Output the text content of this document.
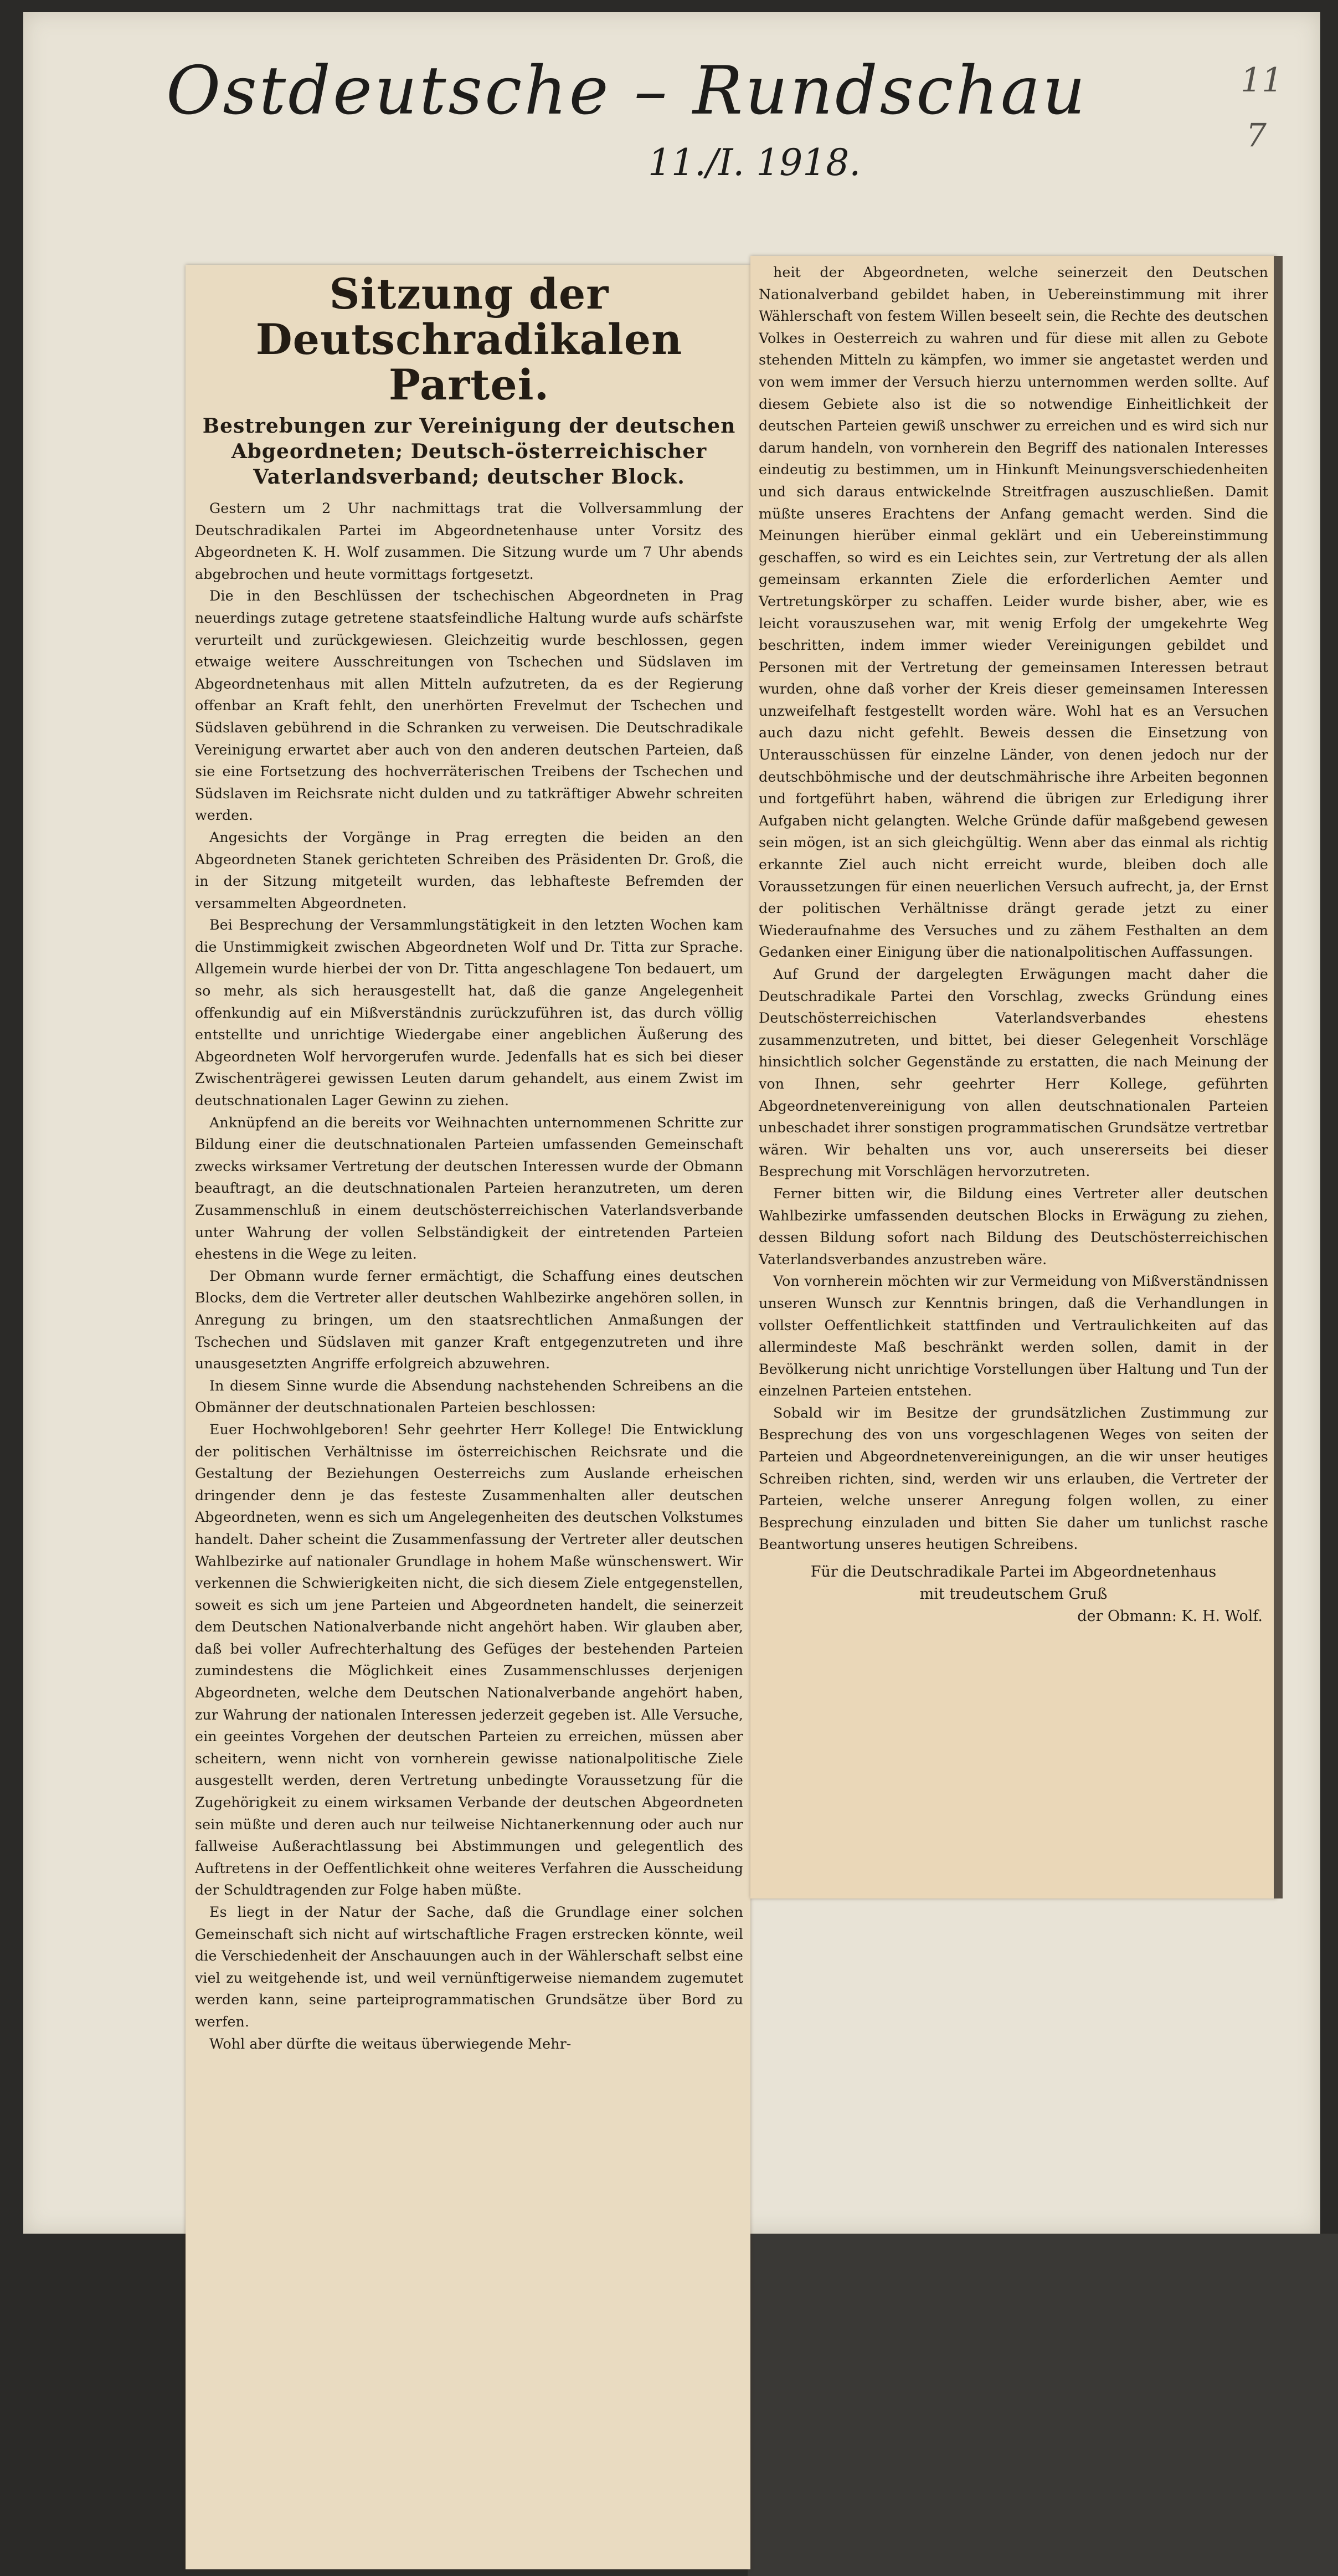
Ostdeutsche – Rundschau
11./I. 1918.
11
7
Sitzung der Deutschradikalen Partei.
Bestrebungen zur Vereinigung der deutschen Abgeordneten; Deutsch-österreichischer Vaterlandsverband; deutscher Block.

Gestern um 2 Uhr nachmittags trat die Vollversammlung der Deutschradikalen Partei im Abgeordnetenhause unter Vorsitz des Abgeordneten K. H. Wolf zusammen. Die Sitzung wurde um 7 Uhr abends abgebrochen und heute vormittags fortgesetzt.

Die in den Beschlüssen der tschechischen Abgeordneten in Prag neuerdings zutage getretene staatsfeindliche Haltung wurde aufs schärfste verurteilt und zurückgewiesen. Gleichzeitig wurde beschlossen, gegen etwaige weitere Ausschreitungen von Tschechen und Südslaven im Abgeordnetenhaus mit allen Mitteln aufzutreten, da es der Regierung offenbar an Kraft fehlt, den unerhörten Frevelmut der Tschechen und Südslaven gebührend in die Schranken zu verweisen. Die Deutschradikale Vereinigung erwartet aber auch von den anderen deutschen Parteien, daß sie eine Fortsetzung des hochverräterischen Treibens der Tschechen und Südslaven im Reichsrate nicht dulden und zu tatkräftiger Abwehr schreiten werden.

Angesichts der Vorgänge in Prag erregten die beiden an den Abgeordneten Stanek gerichteten Schreiben des Präsidenten Dr. Groß, die in der Sitzung mitgeteilt wurden, das lebhafteste Befremden der versammelten Abgeordneten.

Bei Besprechung der Versammlungstätigkeit in den letzten Wochen kam die Unstimmigkeit zwischen Abgeordneten Wolf und Dr. Titta zur Sprache. Allgemein wurde hierbei der von Dr. Titta angeschlagene Ton bedauert, um so mehr, als sich herausgestellt hat, daß die ganze Angelegenheit offenkundig auf ein Mißverständnis zurückzuführen ist, das durch völlig entstellte und unrichtige Wiedergabe einer angeblichen Äußerung des Abgeordneten Wolf hervorgerufen wurde. Jedenfalls hat es sich bei dieser Zwischenträgerei gewissen Leuten darum gehandelt, aus einem Zwist im deutschnationalen Lager Gewinn zu ziehen.

Anknüpfend an die bereits vor Weihnachten unternommenen Schritte zur Bildung einer die deutschnationalen Parteien umfassenden Gemeinschaft zwecks wirksamer Vertretung der deutschen Interessen wurde der Obmann beauftragt, an die deutschnationalen Parteien heranzutreten, um deren Zusammenschluß in einem deutschösterreichischen Vaterlandsverbande unter Wahrung der vollen Selbständigkeit der eintretenden Parteien ehestens in die Wege zu leiten.

Der Obmann wurde ferner ermächtigt, die Schaffung eines deutschen Blocks, dem die Vertreter aller deutschen Wahlbezirke angehören sollen, in Anregung zu bringen, um den staatsrechtlichen Anmaßungen der Tschechen und Südslaven mit ganzer Kraft entgegenzutreten und ihre unausgesetzten Angriffe erfolgreich abzuwehren.

In diesem Sinne wurde die Absendung nachstehenden Schreibens an die Obmänner der deutschnationalen Parteien beschlossen:

Euer Hochwohlgeboren! Sehr geehrter Herr Kollege! Die Entwicklung der politischen Verhältnisse im österreichischen Reichsrate und die Gestaltung der Beziehungen Oesterreichs zum Auslande erheischen dringender denn je das festeste Zusammenhalten aller deutschen Abgeordneten, wenn es sich um Angelegenheiten des deutschen Volkstumes handelt. Daher scheint die Zusammenfassung der Vertreter aller deutschen Wahlbezirke auf nationaler Grundlage in hohem Maße wünschenswert. Wir verkennen die Schwierigkeiten nicht, die sich diesem Ziele entgegenstellen, soweit es sich um jene Parteien und Abgeordneten handelt, die seinerzeit dem Deutschen Nationalverbande nicht angehört haben. Wir glauben aber, daß bei voller Aufrechterhaltung des Gefüges der bestehenden Parteien zumindestens die Möglichkeit eines Zusammenschlusses derjenigen Abgeordneten, welche dem Deutschen Nationalverbande angehört haben, zur Wahrung der nationalen Interessen jederzeit gegeben ist. Alle Versuche, ein geeintes Vorgehen der deutschen Parteien zu erreichen, müssen aber scheitern, wenn nicht von vornherein gewisse nationalpolitische Ziele ausgestellt werden, deren Vertretung unbedingte Voraussetzung für die Zugehörigkeit zu einem wirksamen Verbande der deutschen Abgeordneten sein müßte und deren auch nur teilweise Nichtanerkennung oder auch nur fallweise Außerachtlassung bei Abstimmungen und gelegentlich des Auftretens in der Oeffentlichkeit ohne weiteres Verfahren die Ausscheidung der Schuldtragenden zur Folge haben müßte.

Es liegt in der Natur der Sache, daß die Grundlage einer solchen Gemeinschaft sich nicht auf wirtschaftliche Fragen erstrecken könnte, weil die Verschiedenheit der Anschauungen auch in der Wählerschaft selbst eine viel zu weitgehende ist, und weil vernünftigerweise niemandem zugemutet werden kann, seine parteiprogrammatischen Grundsätze über Bord zu werfen.

Wohl aber dürfte die weitaus überwiegende Mehr-

heit der Abgeordneten, welche seinerzeit den Deutschen Nationalverband gebildet haben, in Uebereinstimmung mit ihrer Wählerschaft von festem Willen beseelt sein, die Rechte des deutschen Volkes in Oesterreich zu wahren und für diese mit allen zu Gebote stehenden Mitteln zu kämpfen, wo immer sie angetastet werden und von wem immer der Versuch hierzu unternommen werden sollte. Auf diesem Gebiete also ist die so notwendige Einheitlichkeit der deutschen Parteien gewiß unschwer zu erreichen und es wird sich nur darum handeln, von vornherein den Begriff des nationalen Interesses eindeutig zu bestimmen, um in Hinkunft Meinungsverschiedenheiten und sich daraus entwickelnde Streitfragen auszuschließen. Damit müßte unseres Erachtens der Anfang gemacht werden. Sind die Meinungen hierüber einmal geklärt und ein Uebereinstimmung geschaffen, so wird es ein Leichtes sein, zur Vertretung der als allen gemeinsam erkannten Ziele die erforderlichen Aemter und Vertretungskörper zu schaffen. Leider wurde bisher, aber, wie es leicht vorauszusehen war, mit wenig Erfolg der umgekehrte Weg beschritten, indem immer wieder Vereinigungen gebildet und Personen mit der Vertretung der gemeinsamen Interessen betraut wurden, ohne daß vorher der Kreis dieser gemeinsamen Interessen unzweifelhaft festgestellt worden wäre. Wohl hat es an Versuchen auch dazu nicht gefehlt. Beweis dessen die Einsetzung von Unterausschüssen für einzelne Länder, von denen jedoch nur der deutschböhmische und der deutschmährische ihre Arbeiten begonnen und fortgeführt haben, während die übrigen zur Erledigung ihrer Aufgaben nicht gelangten. Welche Gründe dafür maßgebend gewesen sein mögen, ist an sich gleichgültig. Wenn aber das einmal als richtig erkannte Ziel auch nicht erreicht wurde, bleiben doch alle Voraussetzungen für einen neuerlichen Versuch aufrecht, ja, der Ernst der politischen Verhältnisse drängt gerade jetzt zu einer Wiederaufnahme des Versuches und zu zähem Festhalten an dem Gedanken einer Einigung über die nationalpolitischen Auffassungen.

Auf Grund der dargelegten Erwägungen macht daher die Deutschradikale Partei den Vorschlag, zwecks Gründung eines Deutschösterreichischen Vaterlandsverbandes ehestens zusammenzutreten, und bittet, bei dieser Gelegenheit Vorschläge hinsichtlich solcher Gegenstände zu erstatten, die nach Meinung der von Ihnen, sehr geehrter Herr Kollege, geführten Abgeordnetenvereinigung von allen deutschnationalen Parteien unbeschadet ihrer sonstigen programmatischen Grundsätze vertretbar wären. Wir behalten uns vor, auch unsererseits bei dieser Besprechung mit Vorschlägen hervorzutreten.

Ferner bitten wir, die Bildung eines Vertreter aller deutschen Wahlbezirke umfassenden deutschen Blocks in Erwägung zu ziehen, dessen Bildung sofort nach Bildung des Deutschösterreichischen Vaterlandsverbandes anzustreben wäre.

Von vornherein möchten wir zur Vermeidung von Mißverständnissen unseren Wunsch zur Kenntnis bringen, daß die Verhandlungen in vollster Oeffentlichkeit stattfinden und Vertraulichkeiten auf das allermindeste Maß beschränkt werden sollen, damit in der Bevölkerung nicht unrichtige Vorstellungen über Haltung und Tun der einzelnen Parteien entstehen.

Sobald wir im Besitze der grundsätzlichen Zustimmung zur Besprechung des von uns vorgeschlagenen Weges von seiten der Parteien und Abgeordnetenvereinigungen, an die wir unser heutiges Schreiben richten, sind, werden wir uns erlauben, die Vertreter der Parteien, welche unserer Anregung folgen wollen, zu einer Besprechung einzuladen und bitten Sie daher um tunlichst rasche Beantwortung unseres heutigen Schreibens.

Für die Deutschradikale Partei im Abgeordnetenhaus
mit treudeutschem Gruß
der Obmann: K. H. Wolf.
